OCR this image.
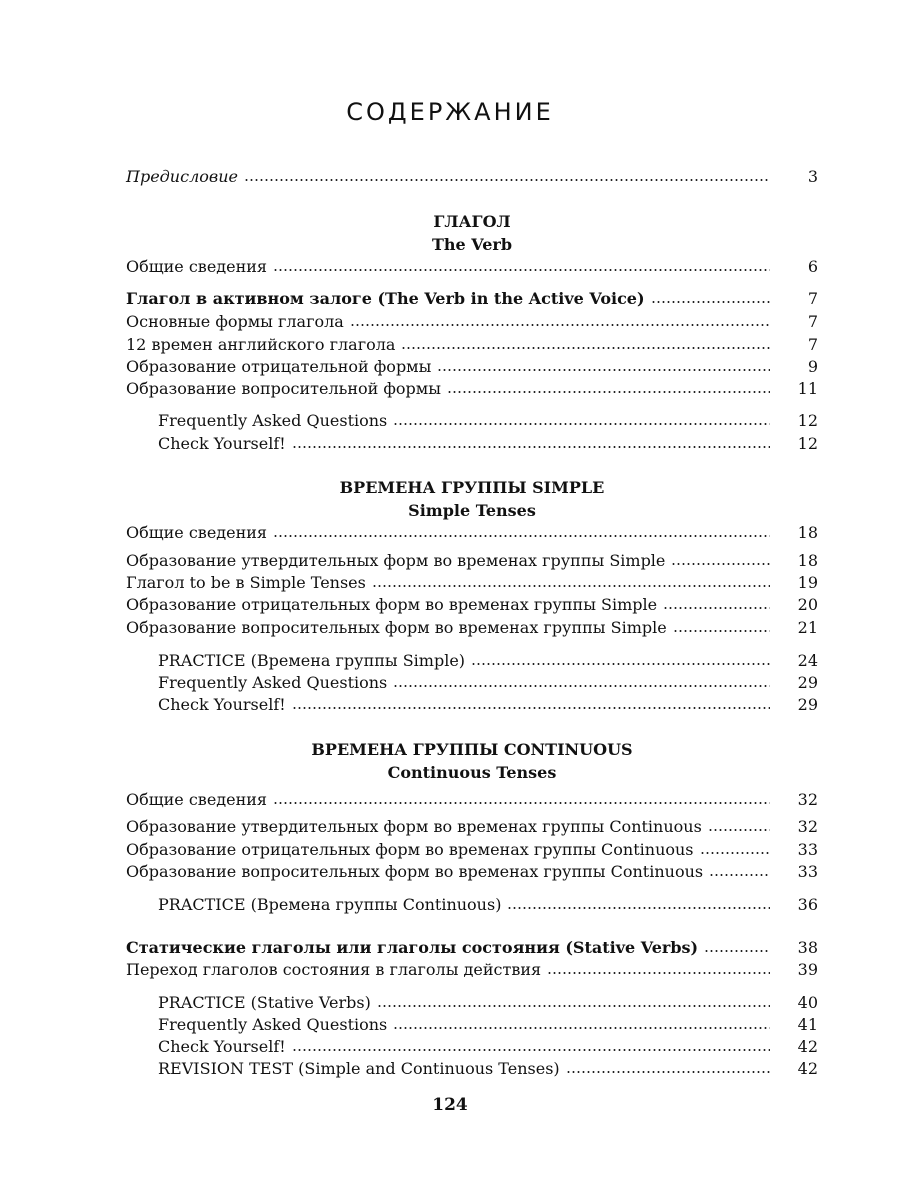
СОДЕРЖАНИЕ
Предисловие	3
ГЛАГОЛ
The Verb
Общие сведения	6
Глагол в активном залоге (The Verb in the Active Voice)	7
Основные формы глагола	7
12 времен английского глагола	7
Образование отрицательной формы	9
Образование вопросительной формы	11
Frequently Asked Questions	12
Check Yourself!	12
ВРЕМЕНА ГРУППЫ SIMPLE
Simple Tenses
Общие сведения	18
Образование утвердительных форм во временах группы Simple	18
Глагол to be в Simple Tenses	19
Образование отрицательных форм во временах группы Simple	20
Образование вопросительных форм во временах группы Simple	21
PRACTICE (Времена группы Simple)	24
Frequently Asked Questions	29
Check Yourself!	29
ВРЕМЕНА ГРУППЫ CONTINUOUS
Continuous Tenses
Общие сведения	32
Образование утвердительных форм во временах группы Continuous	32
Образование отрицательных форм во временах группы Continuous	33
Образование вопросительных форм во временах группы Continuous	33
PRACTICE (Времена группы Continuous)	36
Статические глаголы или глаголы состояния (Stative Verbs)	38
Переход глаголов состояния в глаголы действия	39
PRACTICE (Stative Verbs)	40
Frequently Asked Questions	41
Check Yourself!	42
REVISION TEST (Simple and Continuous Tenses)	42
124
